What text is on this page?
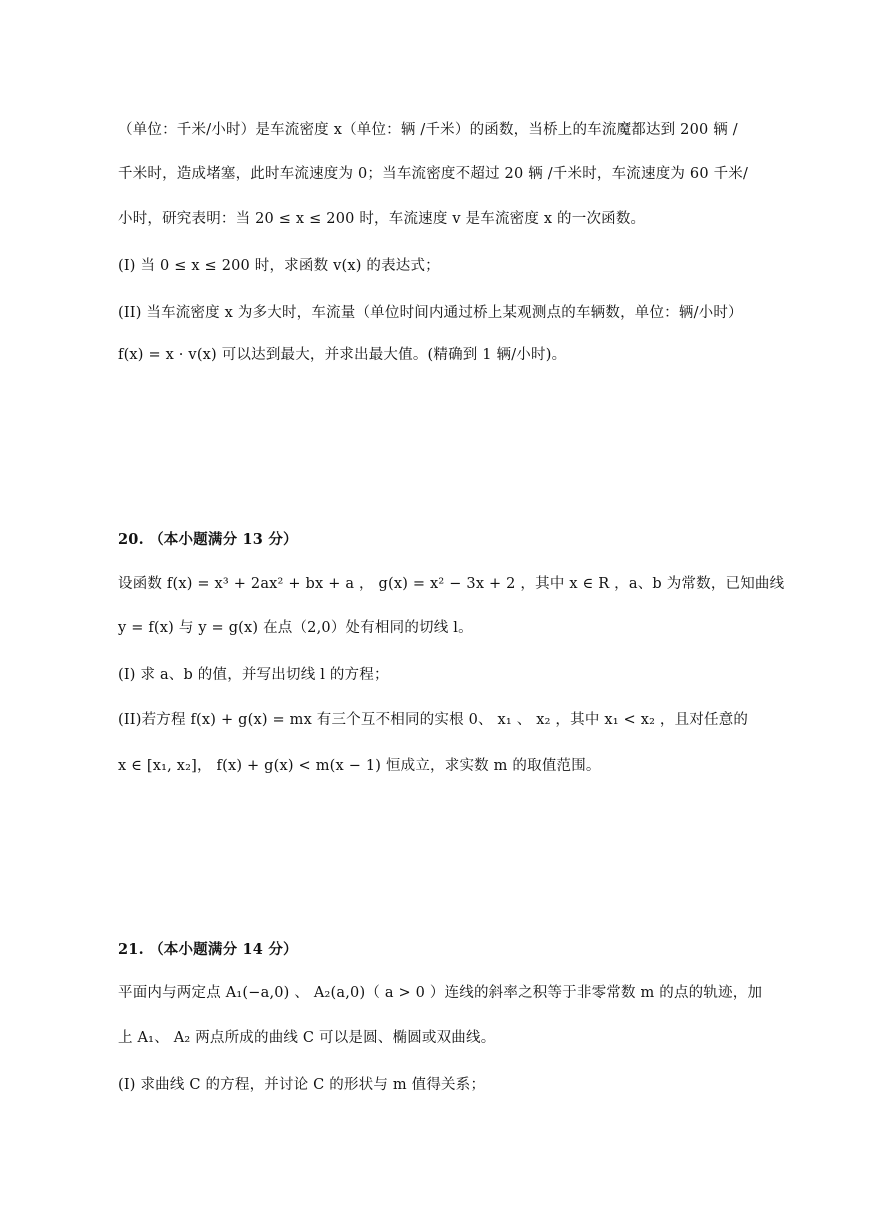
（单位：千米/小时）是车流密度 x（单位：辆 /千米）的函数，当桥上的车流魔都达到 200 辆 /
千米时，造成堵塞，此时车流速度为 0；当车流密度不超过 20 辆 /千米时，车流速度为 60 千米/
小时，研究表明：当 20 ≤ x ≤ 200 时，车流速度 v 是车流密度 x 的一次函数。
(I) 当 0 ≤ x ≤ 200 时，求函数 v(x) 的表达式；
(II) 当车流密度 x 为多大时，车流量（单位时间内通过桥上某观测点的车辆数，单位：辆/小时）
f(x) = x · v(x) 可以达到最大，并求出最大值。(精确到 1 辆/小时)。
20. （本小题满分 13 分）
设函数 f(x) = x³ + 2ax² + bx + a ， g(x) = x² − 3x + 2 ，其中 x ∈ R ，a、b 为常数，已知曲线
y = f(x) 与 y = g(x) 在点（2,0）处有相同的切线 l。
(I) 求 a、b 的值，并写出切线 l 的方程；
(II)若方程 f(x) + g(x) = mx 有三个互不相同的实根 0、 x₁ 、 x₂ ，其中 x₁ < x₂ ，且对任意的
x ∈ [x₁, x₂]， f(x) + g(x) < m(x − 1) 恒成立，求实数 m 的取值范围。
21. （本小题满分 14 分）
平面内与两定点 A₁(−a,0) 、 A₂(a,0)（ a > 0 ）连线的斜率之积等于非零常数 m 的点的轨迹，加
上 A₁、 A₂ 两点所成的曲线 C 可以是圆、椭圆或双曲线。
(I) 求曲线 C 的方程，并讨论 C 的形状与 m 值得关系；
